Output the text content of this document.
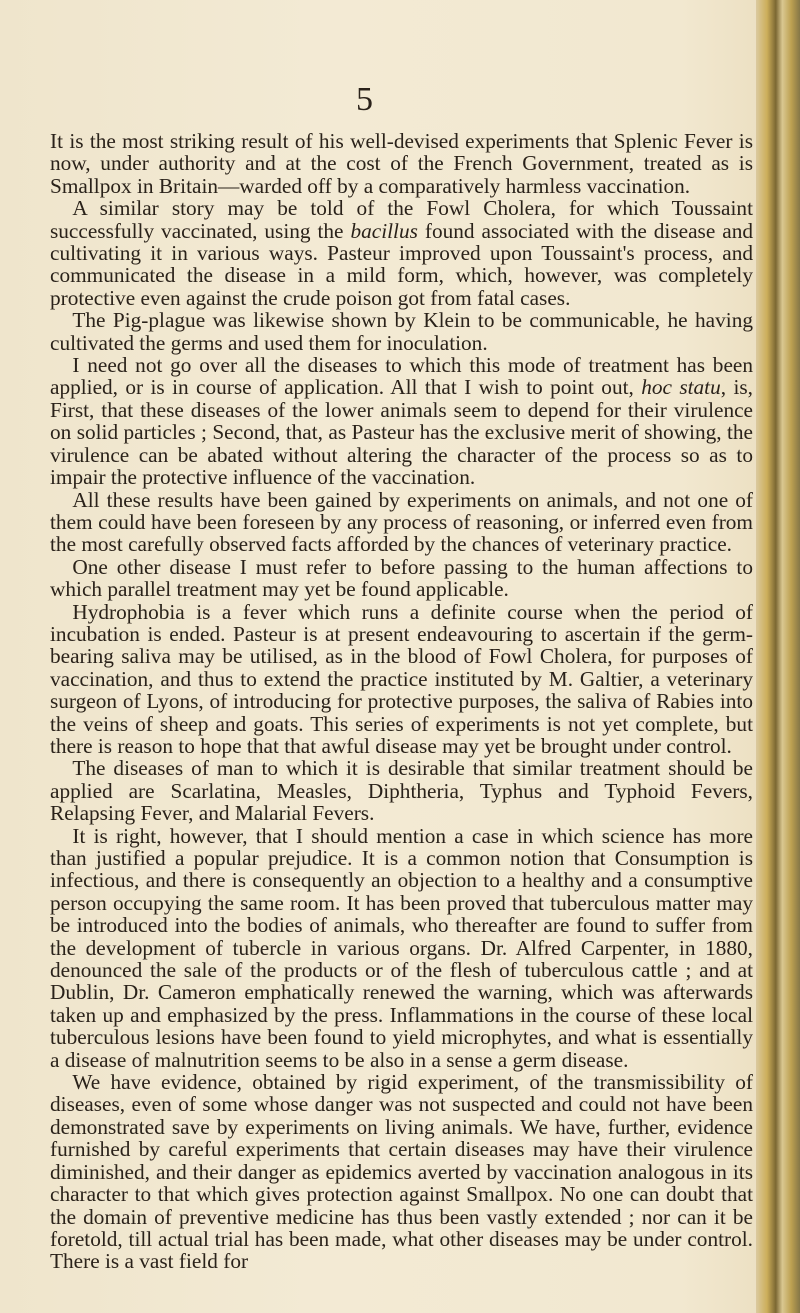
5

It is the most striking result of his well-devised experiments that Splenic Fever is now, under authority and at the cost of the French Government, treated as is Smallpox in Britain—warded off by a comparatively harmless vaccination.

A similar story may be told of the Fowl Cholera, for which Toussaint successfully vaccinated, using the bacillus found associated with the disease and cultivating it in various ways. Pasteur improved upon Toussaint's process, and communicated the disease in a mild form, which, however, was completely protective even against the crude poison got from fatal cases.

The Pig-plague was likewise shown by Klein to be communicable, he having cultivated the germs and used them for inoculation.

I need not go over all the diseases to which this mode of treatment has been applied, or is in course of application. All that I wish to point out, hoc statu, is, First, that these diseases of the lower animals seem to depend for their virulence on solid particles ; Second, that, as Pasteur has the exclusive merit of showing, the virulence can be abated without altering the character of the process so as to impair the protective influence of the vaccination.

All these results have been gained by experiments on animals, and not one of them could have been foreseen by any process of reasoning, or inferred even from the most carefully observed facts afforded by the chances of veterinary practice.

One other disease I must refer to before passing to the human affections to which parallel treatment may yet be found applicable.

Hydrophobia is a fever which runs a definite course when the period of incubation is ended. Pasteur is at present endeavouring to ascertain if the germ-bearing saliva may be utilised, as in the blood of Fowl Cholera, for purposes of vaccination, and thus to extend the practice instituted by M. Galtier, a veterinary surgeon of Lyons, of introducing for protective purposes, the saliva of Rabies into the veins of sheep and goats. This series of experiments is not yet complete, but there is reason to hope that that awful disease may yet be brought under control.

The diseases of man to which it is desirable that similar treatment should be applied are Scarlatina, Measles, Diphtheria, Typhus and Typhoid Fevers, Relapsing Fever, and Malarial Fevers.

It is right, however, that I should mention a case in which science has more than justified a popular prejudice. It is a common notion that Consumption is infectious, and there is consequently an objection to a healthy and a consumptive person occupying the same room. It has been proved that tuberculous matter may be introduced into the bodies of animals, who thereafter are found to suffer from the development of tubercle in various organs. Dr. Alfred Carpenter, in 1880, denounced the sale of the products or of the flesh of tuberculous cattle ; and at Dublin, Dr. Cameron emphatically renewed the warning, which was afterwards taken up and emphasized by the press. Inflammations in the course of these local tuberculous lesions have been found to yield microphytes, and what is essentially a disease of malnutrition seems to be also in a sense a germ disease.

We have evidence, obtained by rigid experiment, of the transmissibility of diseases, even of some whose danger was not suspected and could not have been demonstrated save by experiments on living animals. We have, further, evidence furnished by careful experiments that certain diseases may have their virulence diminished, and their danger as epidemics averted by vaccination analogous in its character to that which gives protection against Smallpox. No one can doubt that the domain of preventive medicine has thus been vastly extended ; nor can it be foretold, till actual trial has been made, what other diseases may be under control. There is a vast field for
